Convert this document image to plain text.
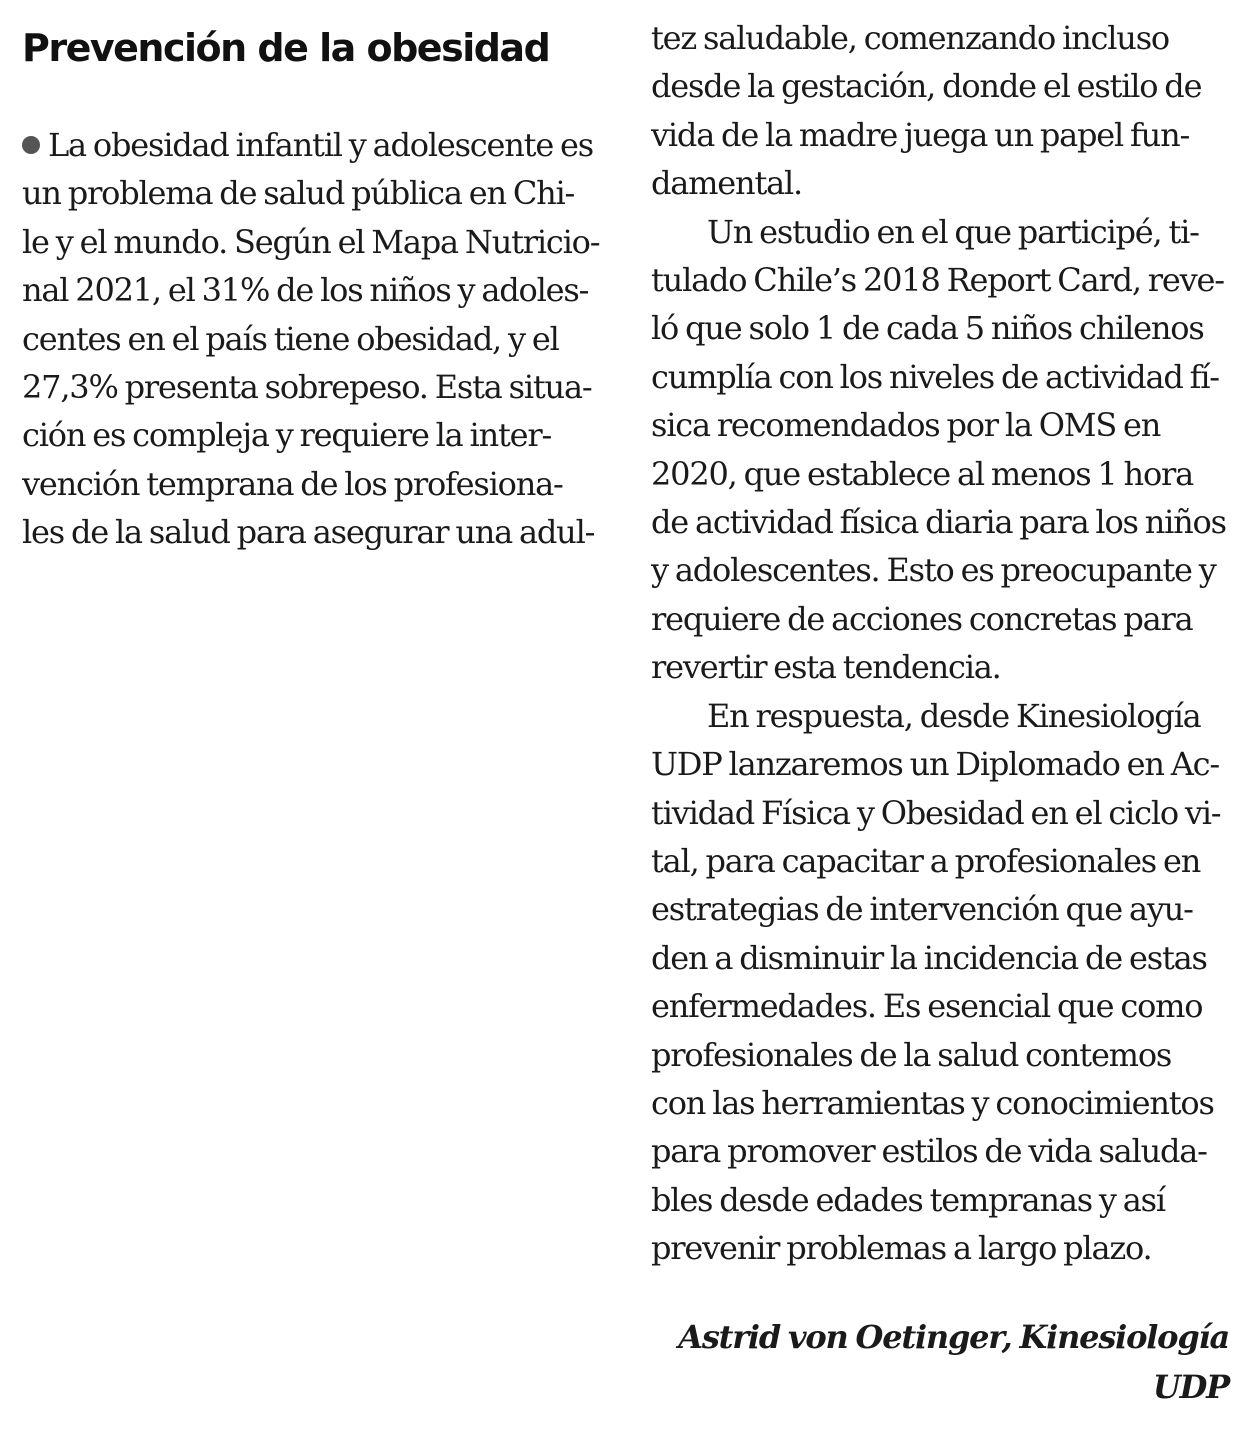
Prevención de la obesidad
La obesidad infantil y adolescente es
un problema de salud pública en Chi-
le y el mundo. Según el Mapa Nutricio-
nal 2021, el 31% de los niños y adoles-
centes en el país tiene obesidad, y el
27,3% presenta sobrepeso. Esta situa-
ción es compleja y requiere la inter-
vención temprana de los profesiona-
les de la salud para asegurar una adul-
tez saludable, comenzando incluso
desde la gestación, donde el estilo de
vida de la madre juega un papel fun-
damental.
Un estudio en el que participé, ti-
tulado Chile’s 2018 Report Card, reve-
ló que solo 1 de cada 5 niños chilenos
cumplía con los niveles de actividad fí-
sica recomendados por la OMS en
2020, que establece al menos 1 hora
de actividad física diaria para los niños
y adolescentes. Esto es preocupante y
requiere de acciones concretas para
revertir esta tendencia.
En respuesta, desde Kinesiología
UDP lanzaremos un Diplomado en Ac-
tividad Física y Obesidad en el ciclo vi-
tal, para capacitar a profesionales en
estrategias de intervención que ayu-
den a disminuir la incidencia de estas
enfermedades. Es esencial que como
profesionales de la salud contemos
con las herramientas y conocimientos
para promover estilos de vida saluda-
bles desde edades tempranas y así
prevenir problemas a largo plazo.
Astrid von Oetinger, Kinesiología
UDP
